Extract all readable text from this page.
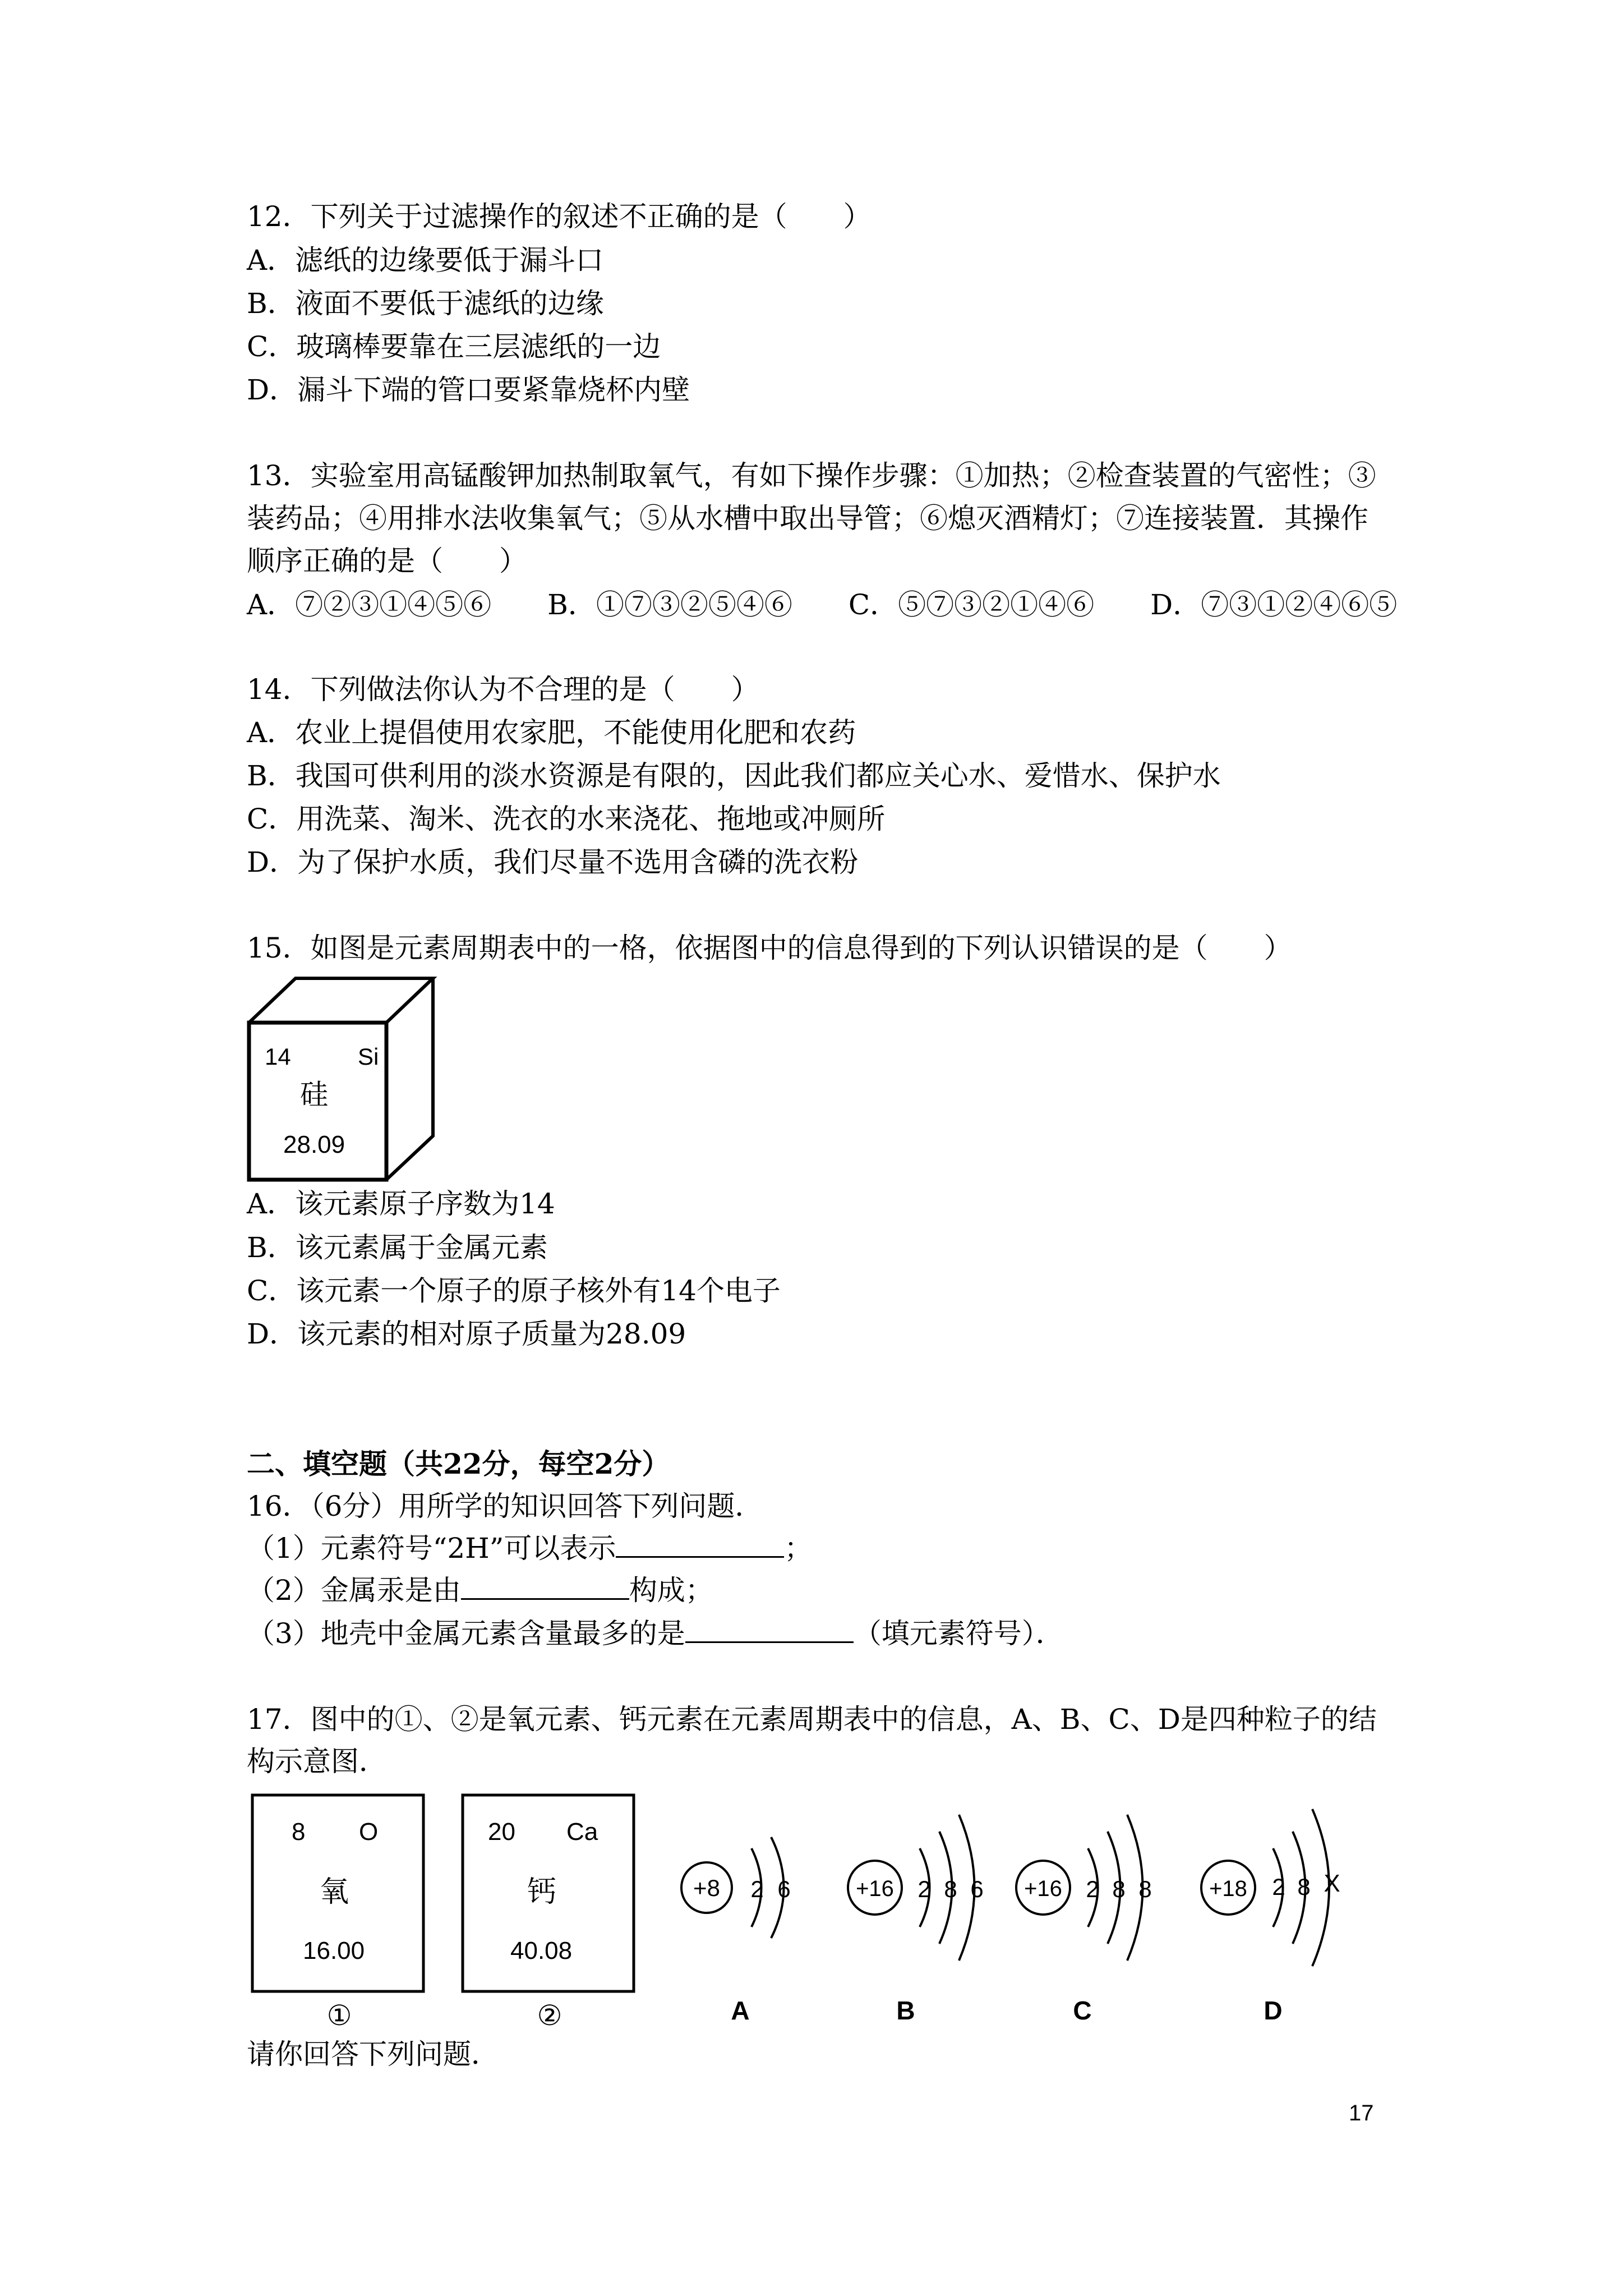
12．下列关于过滤操作的叙述不正确的是（　　）

A．滤纸的边缘要低于漏斗口

B．液面不要低于滤纸的边缘

C．玻璃棒要靠在三层滤纸的一边

D．漏斗下端的管口要紧靠烧杯内壁

13．实验室用高锰酸钾加热制取氧气，有如下操作步骤：①加热；②检查装置的气密性；③

装药品；④用排水法收集氧气；⑤从水槽中取出导管；⑥熄灭酒精灯；⑦连接装置．其操作

顺序正确的是（　　）

A．⑦②③①④⑤⑥　　B．①⑦③②⑤④⑥　　C．⑤⑦③②①④⑥　　D．⑦③①②④⑥⑤

14．下列做法你认为不合理的是（　　）

A．农业上提倡使用农家肥，不能使用化肥和农药

B．我国可供利用的淡水资源是有限的，因此我们都应关心水、爱惜水、保护水

C．用洗菜、淘米、洗衣的水来浇花、拖地或冲厕所

D．为了保护水质，我们尽量不选用含磷的洗衣粉

15．如图是元素周期表中的一格，依据图中的信息得到的下列认识错误的是（　　）

14	Si
硅
28.09

A．该元素原子序数为14

B．该元素属于金属元素

C．该元素一个原子的原子核外有14个电子

D．该元素的相对原子质量为28.09

二、填空题（共22分，每空2分）

16．（6分）用所学的知识回答下列问题．

（1）元素符号“2H”可以表示	；

（2）金属汞是由	构成；

（3）地壳中金属元素含量最多的是	（填元素符号）．

17．图中的①、②是氧元素、钙元素在元素周期表中的信息，A、B、C、D是四种粒子的结

构示意图．

8 O
氧
16.00
①
20 Ca
钙
40.08
②
+8 2 6
A
+16 2 8 6
B
+16 2 8 8
C
+18 2 8 X
D

请你回答下列问题．

17
